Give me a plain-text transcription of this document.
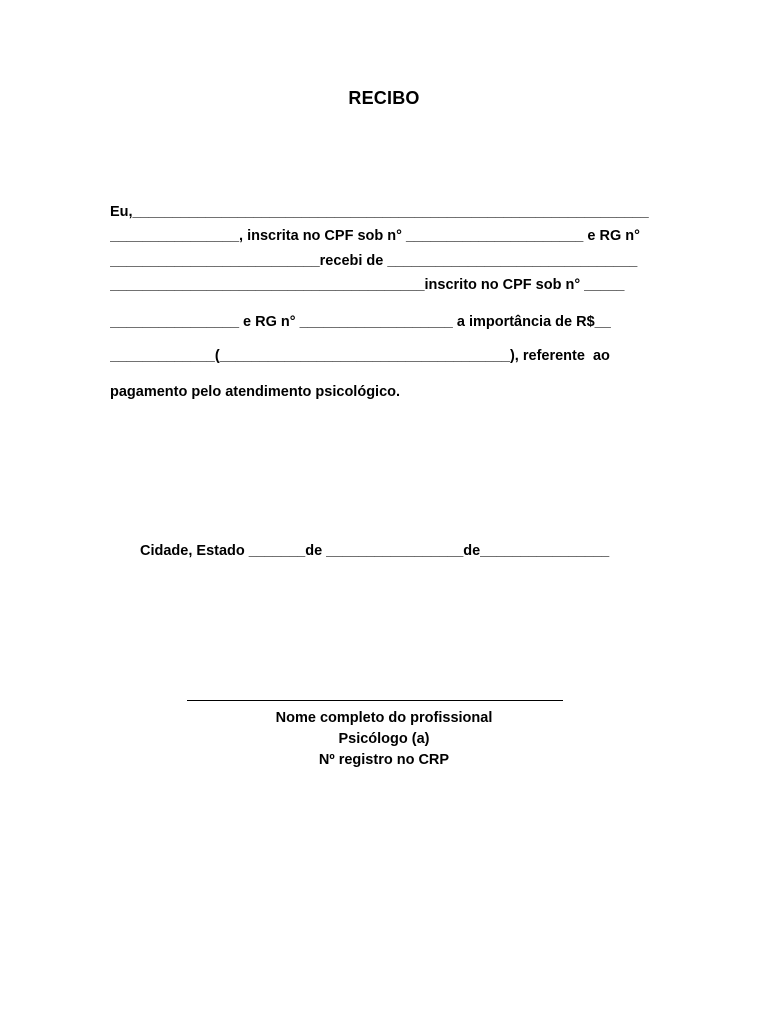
RECIBO
Eu,________________________________________________________________
________________, inscrita no CPF sob n° ______________________ e RG n°
__________________________recebi de _______________________________
_______________________________________inscrito no CPF sob n° _____
________________ e RG n° ___________________ a importância de R$__
_____________(____________________________________), referente  ao
pagamento pelo atendimento psicológico.
Cidade, Estado _______de _________________de________________
Nome completo do profissional
Psicólogo (a)
Nº registro no CRP
